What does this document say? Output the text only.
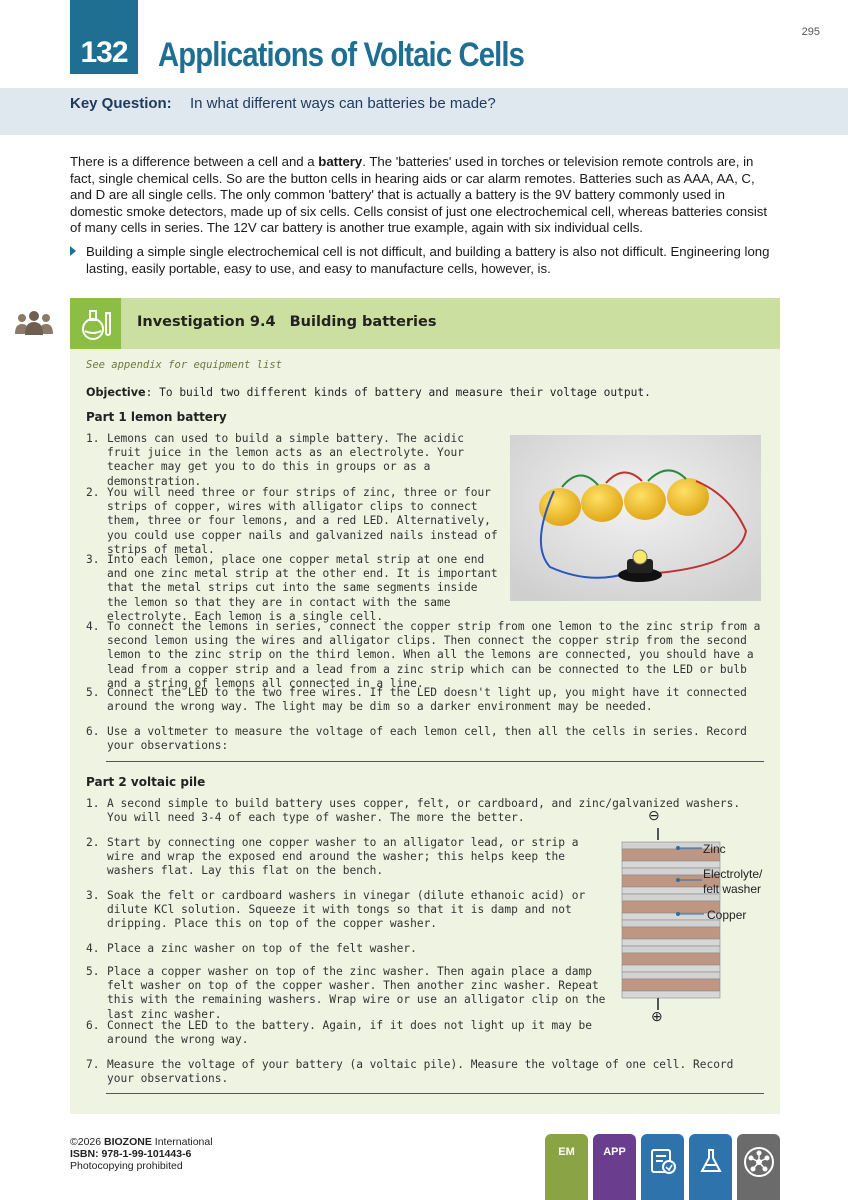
295
132 Applications of Voltaic Cells
Key Question: In what different ways can batteries be made?
There is a difference between a cell and a battery. The 'batteries' used in torches or television remote controls are, in fact, single chemical cells. So are the button cells in hearing aids or car alarm remotes. Batteries such as AAA, AA, C, and D are all single cells. The only common 'battery' that is actually a battery is the 9V battery commonly used in domestic smoke detectors, made up of six cells. Cells consist of just one electrochemical cell, whereas batteries consist of many cells in series. The 12V car battery is another true example, again with six individual cells.
Building a simple single electrochemical cell is not difficult, and building a battery is also not difficult. Engineering long lasting, easily portable, easy to use, and easy to manufacture cells, however, is.
Investigation 9.4 Building batteries
See appendix for equipment list
Objective: To build two different kinds of battery and measure their voltage output.
Part 1 lemon battery
1. Lemons can used to build a simple battery. The acidic fruit juice in the lemon acts as an electrolyte. Your teacher may get you to do this in groups or as a demonstration.
2. You will need three or four strips of zinc, three or four strips of copper, wires with alligator clips to connect them, three or four lemons, and a red LED. Alternatively, you could use copper nails and galvanized nails instead of strips of metal.
3. Into each lemon, place one copper metal strip at one end and one zinc metal strip at the other end. It is important that the metal strips cut into the same segments inside the lemon so that they are in contact with the same electrolyte. Each lemon is a single cell.
4. To connect the lemons in series, connect the copper strip from one lemon to the zinc strip from a second lemon using the wires and alligator clips. Then connect the copper strip from the second lemon to the zinc strip on the third lemon. When all the lemons are connected, you should have a lead from a copper strip and a lead from a zinc strip which can be connected to the LED or bulb and a string of lemons all connected in a line.
5. Connect the LED to the two free wires. If the LED doesn't light up, you might have it connected around the wrong way. The light may be dim so a darker environment may be needed.
6. Use a voltmeter to measure the voltage of each lemon cell, then all the cells in series. Record your observations:
Part 2 voltaic pile
1. A second simple to build battery uses copper, felt, or cardboard, and zinc/galvanized washers. You will need 3-4 of each type of washer. The more the better.
2. Start by connecting one copper washer to an alligator lead, or strip a wire and wrap the exposed end around the washer; this helps keep the washers flat. Lay this flat on the bench.
3. Soak the felt or cardboard washers in vinegar (dilute ethanoic acid) or dilute KCl solution. Squeeze it with tongs so that it is damp and not dripping. Place this on top of the copper washer.
4. Place a zinc washer on top of the felt washer.
5. Place a copper washer on top of the zinc washer. Then again place a damp felt washer on top of the copper washer. Then another zinc washer. Repeat this with the remaining washers. Wrap wire or use an alligator clip on the last zinc washer.
6. Connect the LED to the battery. Again, if it does not light up it may be around the wrong way.
7. Measure the voltage of your battery (a voltaic pile). Measure the voltage of one cell. Record your observations.
⊖
⊕
Zinc
Electrolyte/
felt washer
Copper
©2026 BIOZONE International
ISBN: 978-1-99-101443-6
Photocopying prohibited
EM	APP
